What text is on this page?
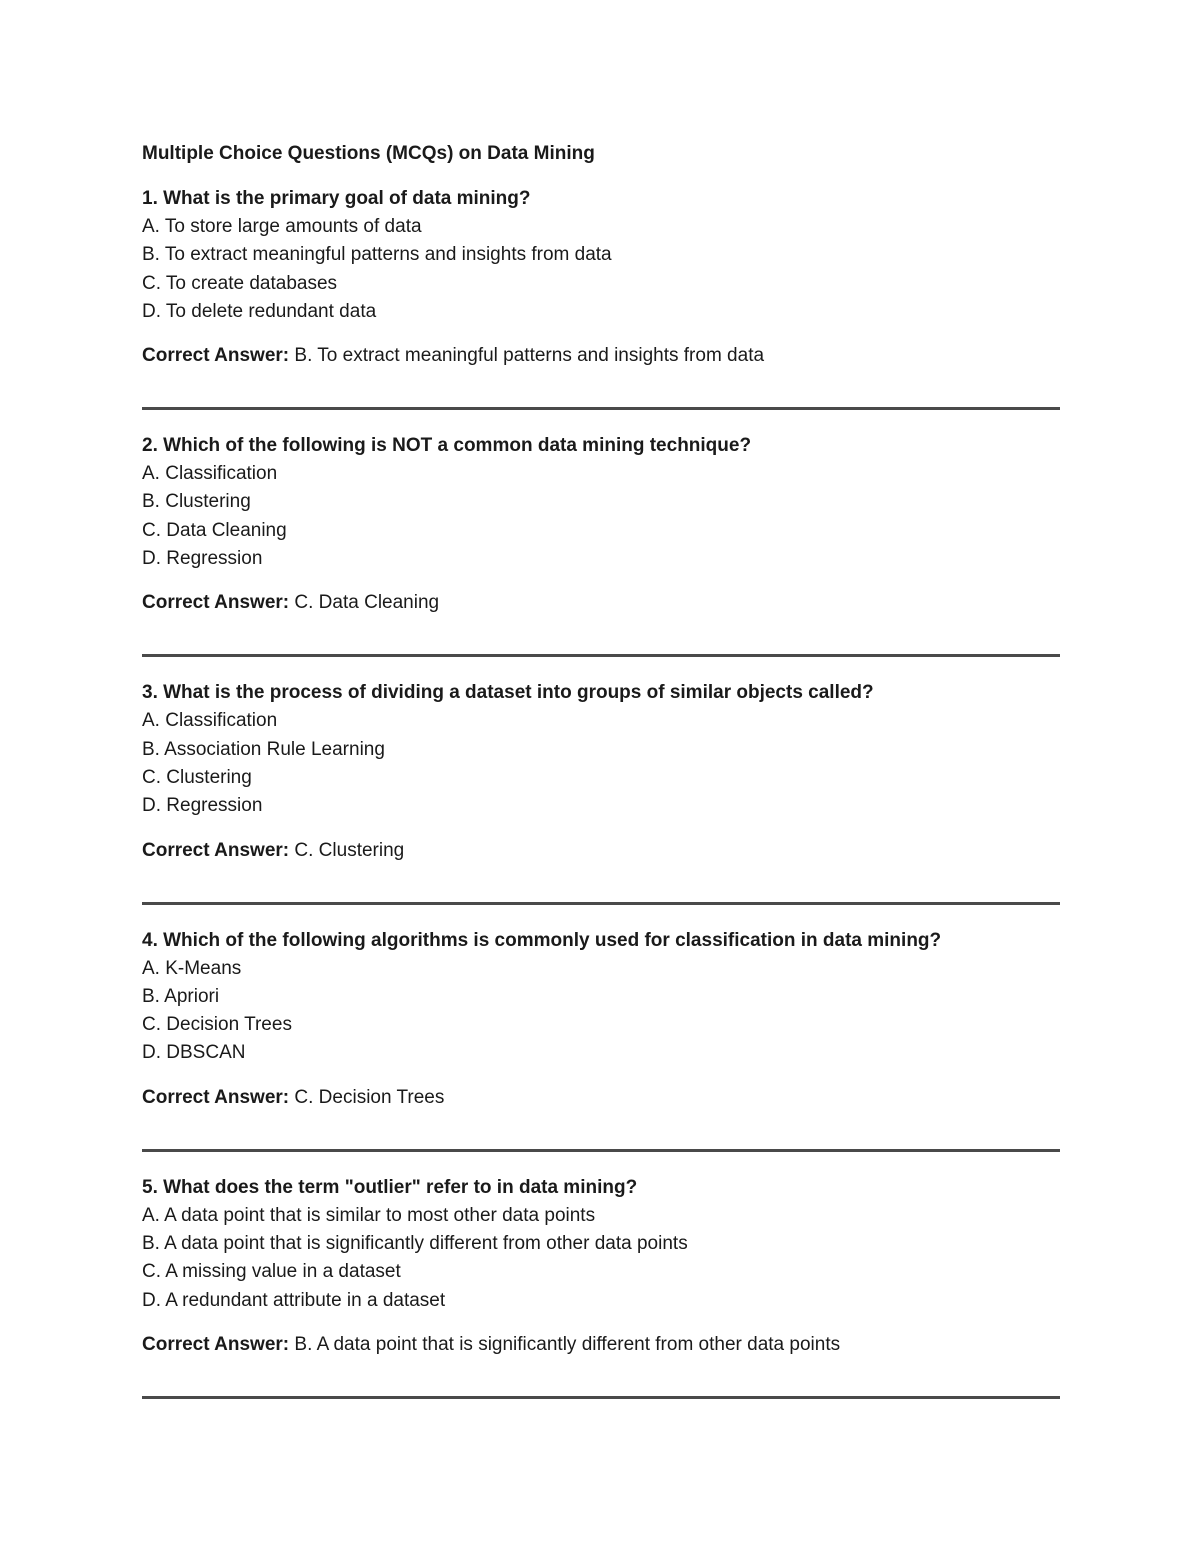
Multiple Choice Questions (MCQs) on Data Mining
1. What is the primary goal of data mining?
A. To store large amounts of data
B. To extract meaningful patterns and insights from data
C. To create databases
D. To delete redundant data
Correct Answer: B. To extract meaningful patterns and insights from data
2. Which of the following is NOT a common data mining technique?
A. Classification
B. Clustering
C. Data Cleaning
D. Regression
Correct Answer: C. Data Cleaning
3. What is the process of dividing a dataset into groups of similar objects called?
A. Classification
B. Association Rule Learning
C. Clustering
D. Regression
Correct Answer: C. Clustering
4. Which of the following algorithms is commonly used for classification in data mining?
A. K-Means
B. Apriori
C. Decision Trees
D. DBSCAN
Correct Answer: C. Decision Trees
5. What does the term "outlier" refer to in data mining?
A. A data point that is similar to most other data points
B. A data point that is significantly different from other data points
C. A missing value in a dataset
D. A redundant attribute in a dataset
Correct Answer: B. A data point that is significantly different from other data points
